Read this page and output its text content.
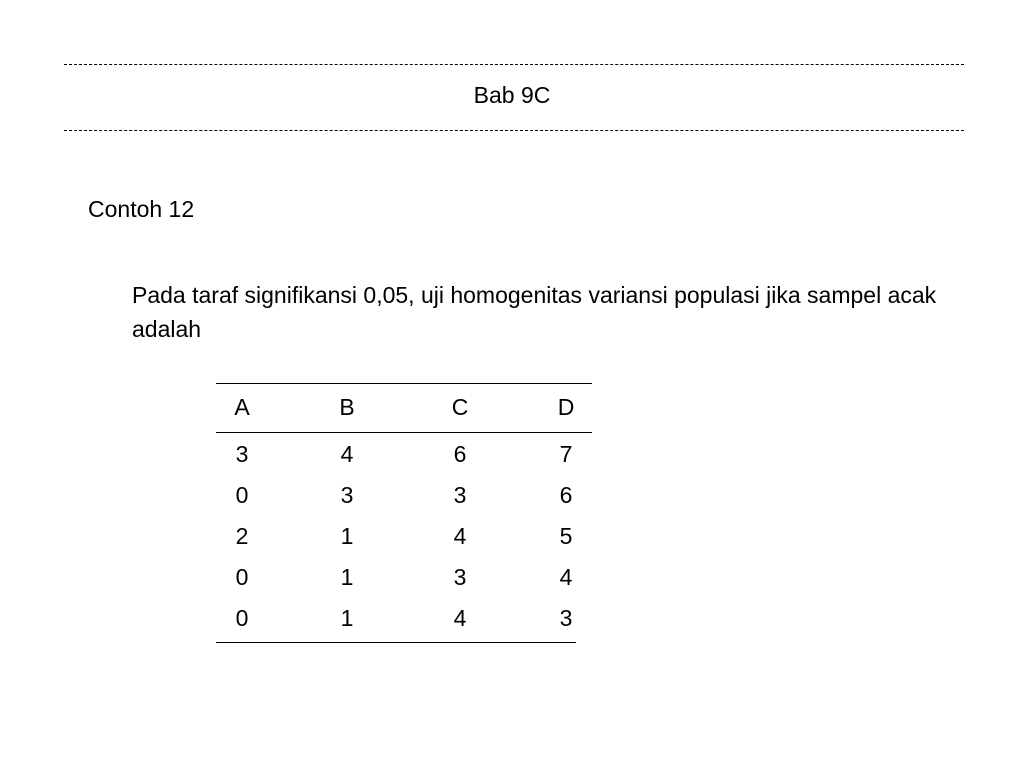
Bab 9C
Contoh 12
Pada taraf signifikansi 0,05, uji homogenitas variansi populasi jika sampel acak adalah
A	B	C	D
3	4	6	7
0	3	3	6
2	1	4	5
0	1	3	4
0	1	4	3
